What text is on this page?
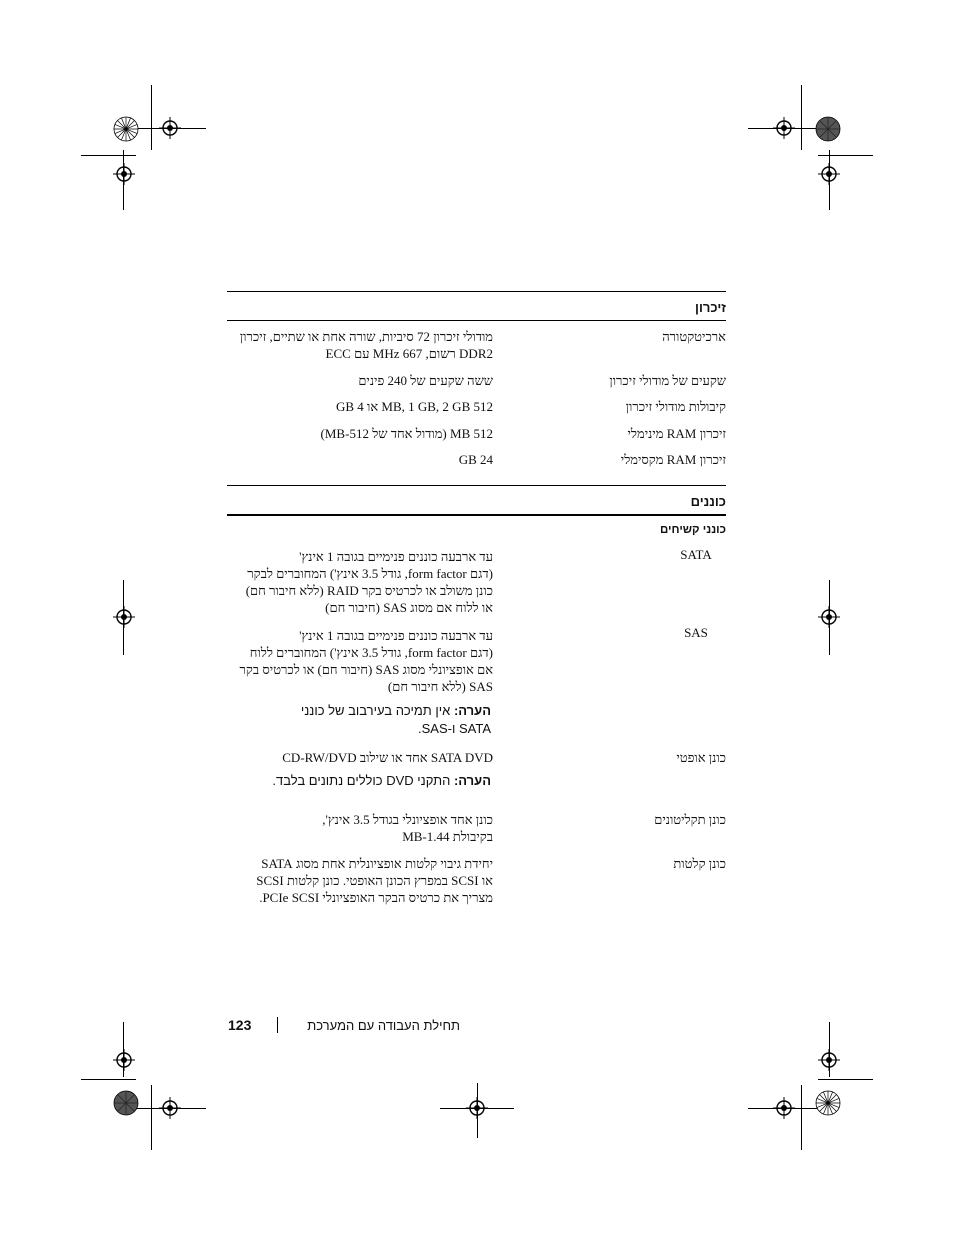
זיכרון
ארכיטקטורה
מודולי זיכרון 72 סיביות, שורה אחת או שתיים, זיכרון
DDR2 רשום, 667 MHz עם ECC
שקעים של מודולי זיכרון
ששה שקעים של 240 פינים
קיבולות מודולי זיכרון
512 MB, 1 GB, 2 GB או 4 GB
זיכרון RAM מינימלי
512 MB (מודול אחד של 512-MB)
זיכרון RAM מקסימלי
24 GB
כוננים
כונני קשיחים
SATA
עד ארבעה כוננים פנימיים בגובה 1 אינץ'
(דגם form factor, גודל 3.5 אינץ') המחוברים לבקר
כונן משולב או לכרטיס בקר RAID (ללא חיבור חם)
או ללוח אם מסוג SAS (חיבור חם)
SAS
עד ארבעה כוננים פנימיים בגובה 1 אינץ'
(דגם form factor, גודל 3.5 אינץ') המחוברים ללוח
אם אופציונלי מסוג SAS (חיבור חם) או לכרטיס בקר
SAS (ללא חיבור חם)
הערה: אין תמיכה בעירבוב של כונני
SATA ו-SAS.
כונן אופטי
SATA DVD אחד או שילוב CD-RW/DVD
הערה: התקני DVD כוללים נתונים בלבד.
כונן תקליטונים
כונן אחד אופציונלי בגודל 3.5 אינץ',
בקיבולת 1.44-MB
כונן קלטות
יחידת גיבוי קלטות אופציונלית אחת מסוג SATA
או SCSI במפרץ הכונן האופטי. כונן קלטות SCSI
מצריך את כרטיס הבקר האופציונלי PCIe SCSI.
תחילת העבודה עם המערכת
123
